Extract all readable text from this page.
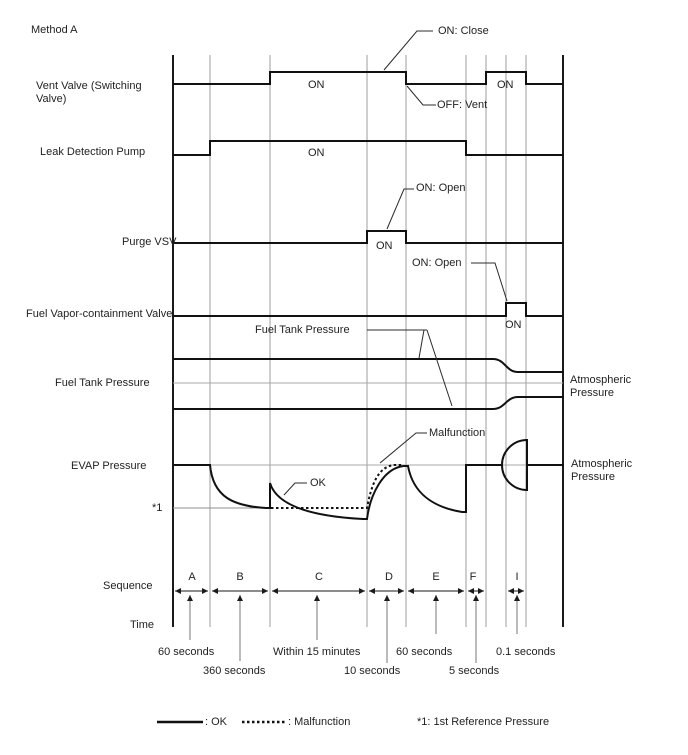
Method A
Vent Valve (Switching Valve)
Leak Detection Pump
Purge VSV
Fuel Vapor-containment Valve
Fuel Tank Pressure
EVAP Pressure
*1
Sequence
Time
ON	ON
ON
ON
ON
ON: Close
OFF: Vent
ON: Open
ON: Open
Fuel Tank Pressure
Malfunction
OK
Atmospheric Pressure
Atmospheric Pressure
A	B	C	D	E	F	I
60 seconds
360 seconds
Within 15 minutes
10 seconds
60 seconds
5 seconds
0.1 seconds
: OK	: Malfunction	*1: 1st Reference Pressure
